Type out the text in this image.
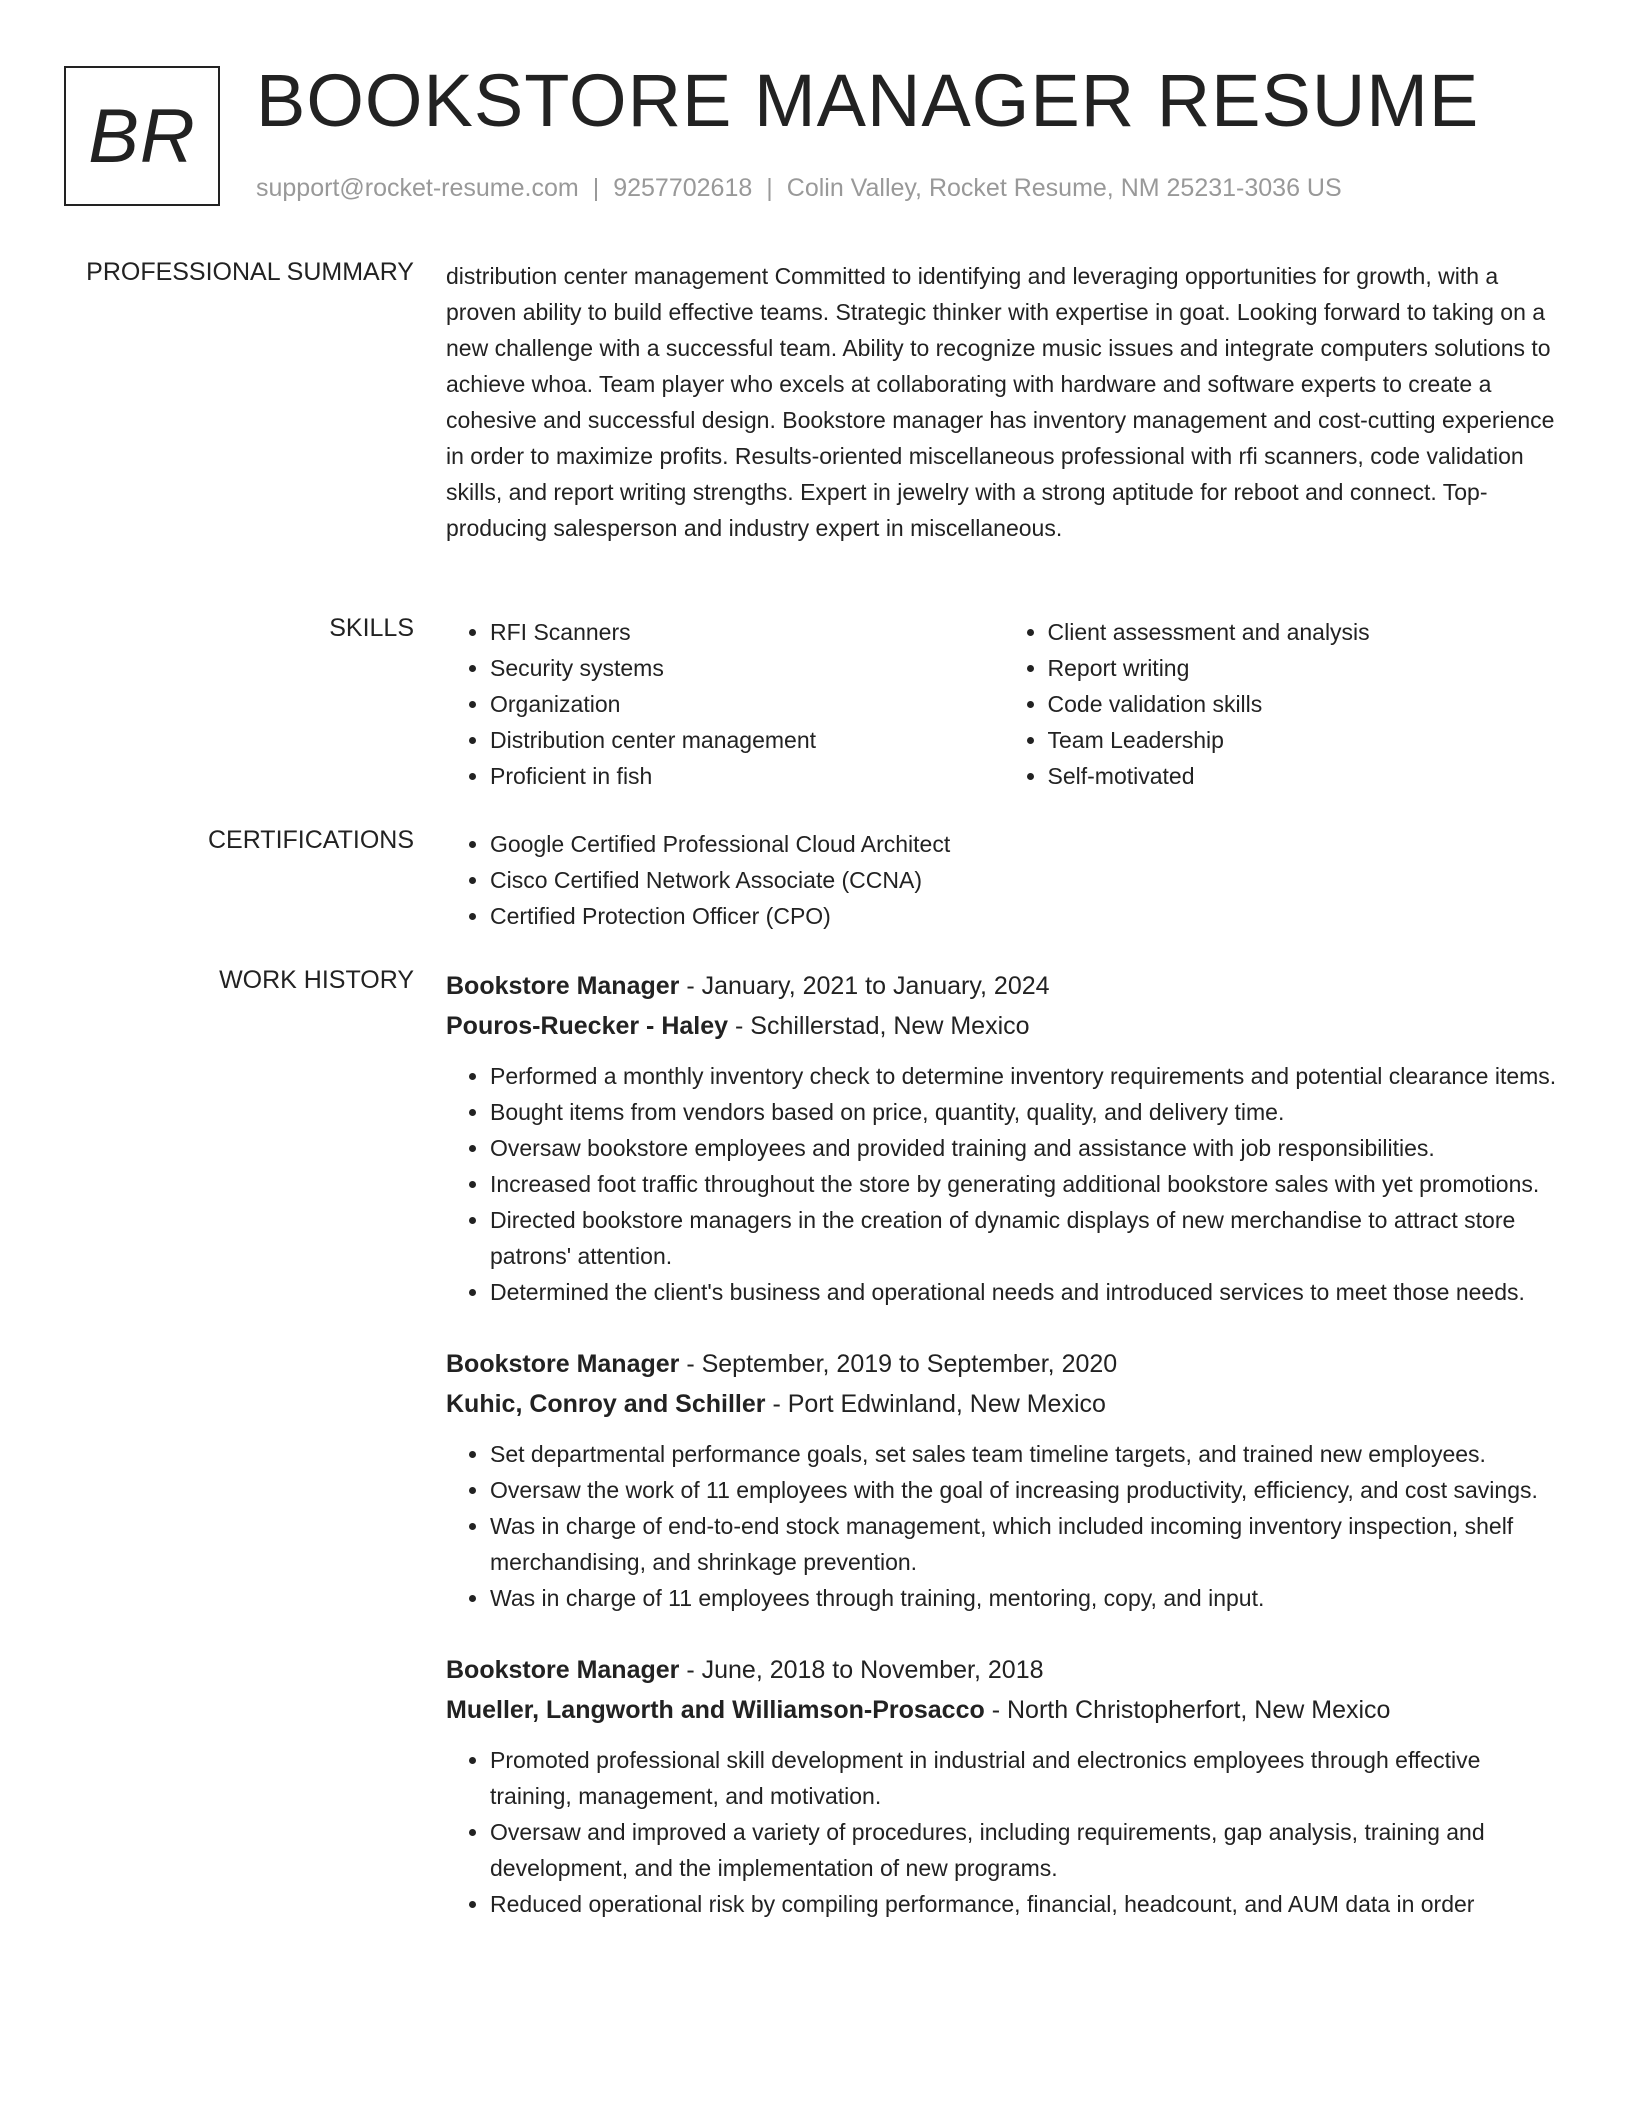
BR BOOKSTORE MANAGER RESUME
support@rocket-resume.com | 9257702618 | Colin Valley, Rocket Resume, NM 25231-3036 US
PROFESSIONAL SUMMARY distribution center management Committed to identifying and leveraging opportunities for growth, with a proven ability to build effective teams. Strategic thinker with expertise in goat. Looking forward to taking on a new challenge with a successful team. Ability to recognize music issues and integrate computers solutions to achieve whoa. Team player who excels at collaborating with hardware and software experts to create a cohesive and successful design. Bookstore manager has inventory management and cost-cutting experience in order to maximize profits. Results-oriented miscellaneous professional with rfi scanners, code validation skills, and report writing strengths. Expert in jewelry with a strong aptitude for reboot and connect. Top-producing salesperson and industry expert in miscellaneous.

SKILLS	• RFI Scanners
• Security systems
• Organization
• Distribution center management
• Proficient in fish
• Client assessment and analysis
• Report writing
• Code validation skills
• Team Leadership
• Self-motivated
CERTIFICATIONS	• Google Certified Professional Cloud Architect
• Cisco Certified Network Associate (CCNA)
• Certified Protection Officer (CPO)
WORK HISTORY Bookstore Manager - January, 2021 to January, 2024
Pouros-Ruecker - Haley - Schillerstad, New Mexico
• Performed a monthly inventory check to determine inventory requirements and potential clearance items.
• Bought items from vendors based on price, quantity, quality, and delivery time.
• Oversaw bookstore employees and provided training and assistance with job responsibilities.
• Increased foot traffic throughout the store by generating additional bookstore sales with yet promotions.
• Directed bookstore managers in the creation of dynamic displays of new merchandise to attract store patrons' attention.
• Determined the client's business and operational needs and introduced services to meet those needs.
Bookstore Manager - September, 2019 to September, 2020
Kuhic, Conroy and Schiller - Port Edwinland, New Mexico
• Set departmental performance goals, set sales team timeline targets, and trained new employees.
• Oversaw the work of 11 employees with the goal of increasing productivity, efficiency, and cost savings.
• Was in charge of end-to-end stock management, which included incoming inventory inspection, shelf merchandising, and shrinkage prevention.
• Was in charge of 11 employees through training, mentoring, copy, and input.
Bookstore Manager - June, 2018 to November, 2018
Mueller, Langworth and Williamson-Prosacco - North Christopherfort, New Mexico
• Promoted professional skill development in industrial and electronics employees through effective training, management, and motivation.
• Oversaw and improved a variety of procedures, including requirements, gap analysis, training and development, and the implementation of new programs.
• Reduced operational risk by compiling performance, financial, headcount, and AUM data in order
